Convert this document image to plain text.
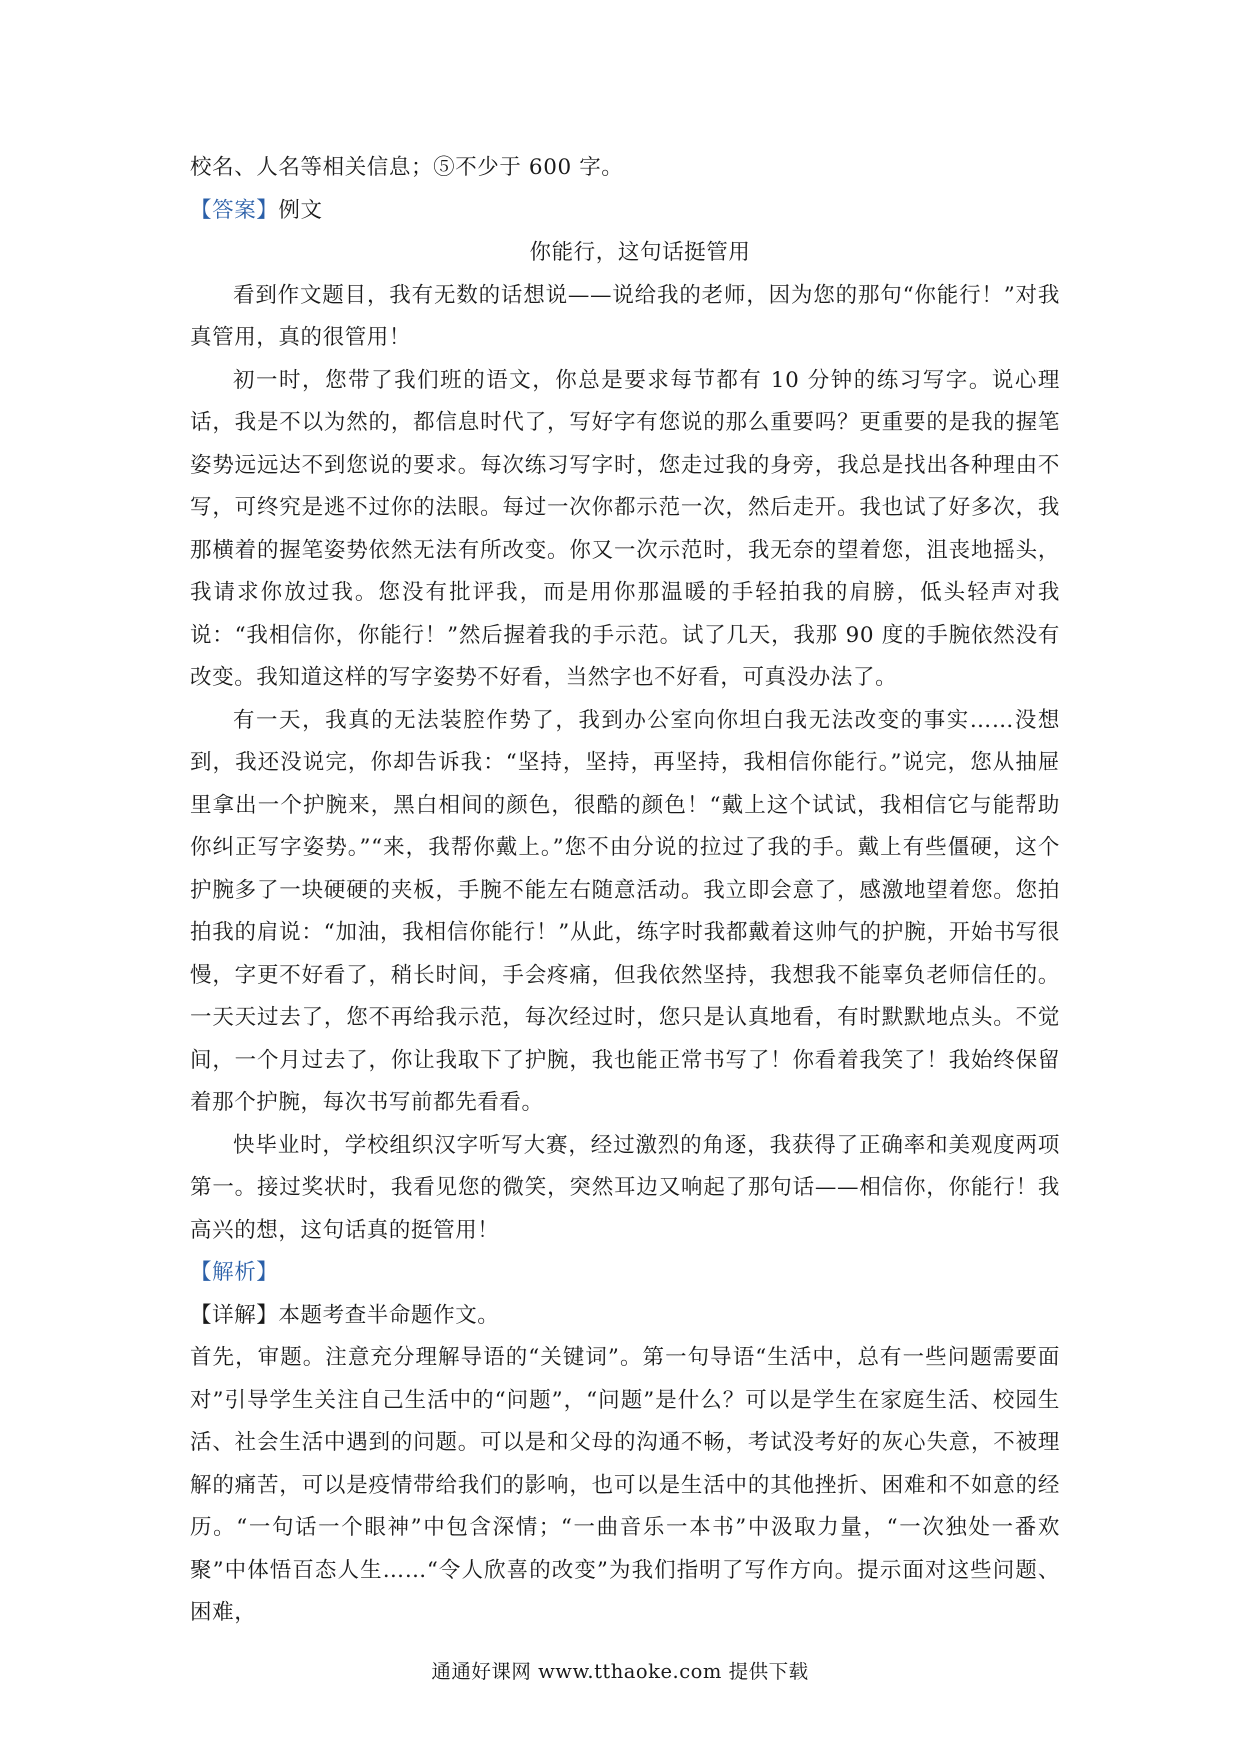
校名、人名等相关信息；⑤不少于 600 字。
【答案】例文
你能行，这句话挺管用

看到作文题目，我有无数的话想说——说给我的老师，因为您的那句“你能行！”对我真管用，真的很管用！

初一时，您带了我们班的语文，你总是要求每节都有 10 分钟的练习写字。说心理话，我是不以为然的，都信息时代了，写好字有您说的那么重要吗？更重要的是我的握笔姿势远远达不到您说的要求。每次练习写字时，您走过我的身旁，我总是找出各种理由不写，可终究是逃不过你的法眼。每过一次你都示范一次，然后走开。我也试了好多次，我那横着的握笔姿势依然无法有所改变。你又一次示范时，我无奈的望着您，沮丧地摇头，我请求你放过我。您没有批评我，而是用你那温暖的手轻拍我的肩膀，低头轻声对我说：“我相信你，你能行！”然后握着我的手示范。试了几天，我那 90 度的手腕依然没有改变。我知道这样的写字姿势不好看，当然字也不好看，可真没办法了。

有一天，我真的无法装腔作势了，我到办公室向你坦白我无法改变的事实……没想到，我还没说完，你却告诉我：“坚持，坚持，再坚持，我相信你能行。”说完，您从抽屉里拿出一个护腕来，黑白相间的颜色，很酷的颜色！“戴上这个试试，我相信它与能帮助你纠正写字姿势。”“来，我帮你戴上。”您不由分说的拉过了我的手。戴上有些僵硬，这个护腕多了一块硬硬的夹板，手腕不能左右随意活动。我立即会意了，感激地望着您。您拍拍我的肩说：“加油，我相信你能行！”从此，练字时我都戴着这帅气的护腕，开始书写很慢，字更不好看了，稍长时间，手会疼痛，但我依然坚持，我想我不能辜负老师信任的。一天天过去了，您不再给我示范，每次经过时，您只是认真地看，有时默默地点头。不觉间，一个月过去了，你让我取下了护腕，我也能正常书写了！你看着我笑了！我始终保留着那个护腕，每次书写前都先看看。

快毕业时，学校组织汉字听写大赛，经过激烈的角逐，我获得了正确率和美观度两项第一。接过奖状时，我看见您的微笑，突然耳边又响起了那句话——相信你，你能行！我高兴的想，这句话真的挺管用！

【解析】
【详解】本题考查半命题作文。

首先，审题。注意充分理解导语的“关键词”。第一句导语“生活中，总有一些问题需要面对”引导学生关注自己生活中的“问题”，“问题”是什么？可以是学生在家庭生活、校园生活、社会生活中遇到的问题。可以是和父母的沟通不畅，考试没考好的灰心失意，不被理解的痛苦，可以是疫情带给我们的影响，也可以是生活中的其他挫折、困难和不如意的经历。“一句话一个眼神”中包含深情；“一曲音乐一本书”中汲取力量，“一次独处一番欢聚”中体悟百态人生……“令人欣喜的改变”为我们指明了写作方向。提示面对这些问题、困难，

通通好课网 www.tthaoke.com 提供下载
